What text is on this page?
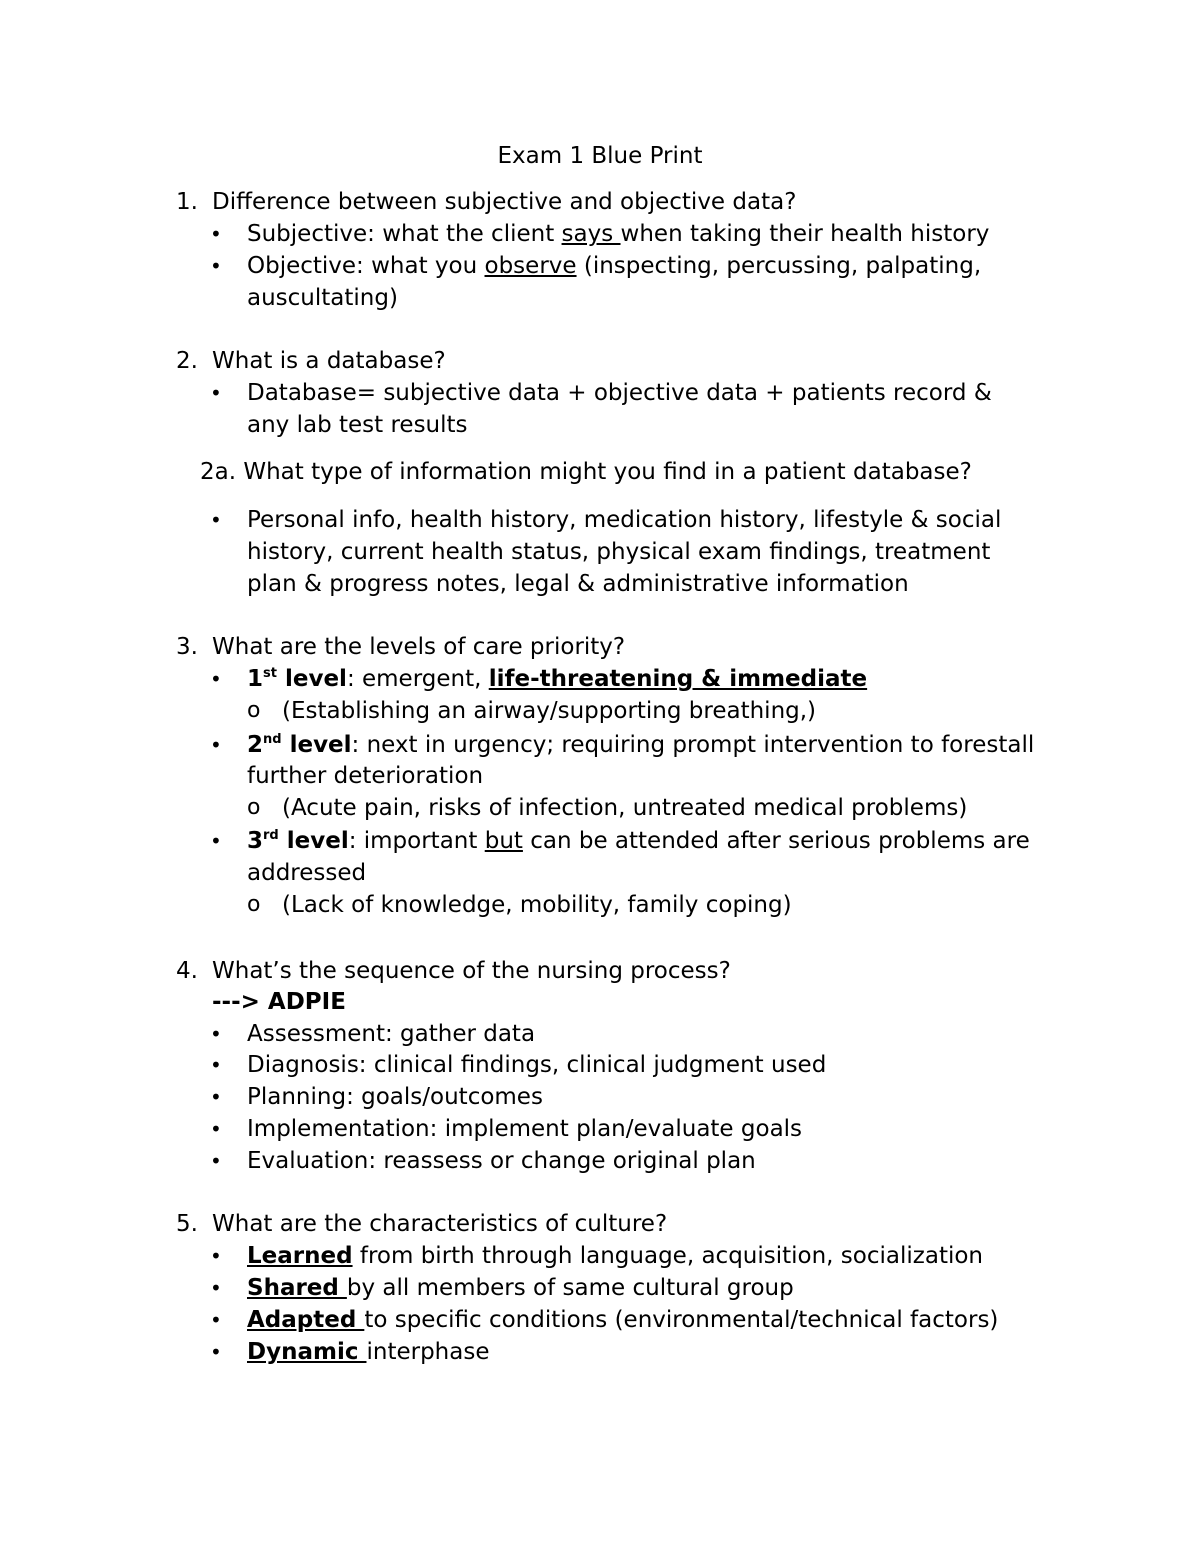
Exam 1 Blue Print
1. Difference between subjective and objective data?
• Subjective: what the client says when taking their health history
• Objective: what you observe (inspecting, percussing, palpating,
auscultating)
2. What is a database?
• Database= subjective data + objective data + patients record &
any lab test results
2a. What type of information might you find in a patient database?
• Personal info, health history, medication history, lifestyle & social
history, current health status, physical exam findings, treatment
plan & progress notes, legal & administrative information
3. What are the levels of care priority?
• 1st level: emergent, life-threatening & immediate
o (Establishing an airway/supporting breathing,)
• 2nd level: next in urgency; requiring prompt intervention to forestall
further deterioration
o (Acute pain, risks of infection, untreated medical problems)
• 3rd level: important but can be attended after serious problems are
addressed
o (Lack of knowledge, mobility, family coping)
4. What’s the sequence of the nursing process?
---> ADPIE
• Assessment: gather data
• Diagnosis: clinical findings, clinical judgment used
• Planning: goals/outcomes
• Implementation: implement plan/evaluate goals
• Evaluation: reassess or change original plan
5. What are the characteristics of culture?
• Learned from birth through language, acquisition, socialization
• Shared by all members of same cultural group
• Adapted to specific conditions (environmental/technical factors)
• Dynamic interphase
